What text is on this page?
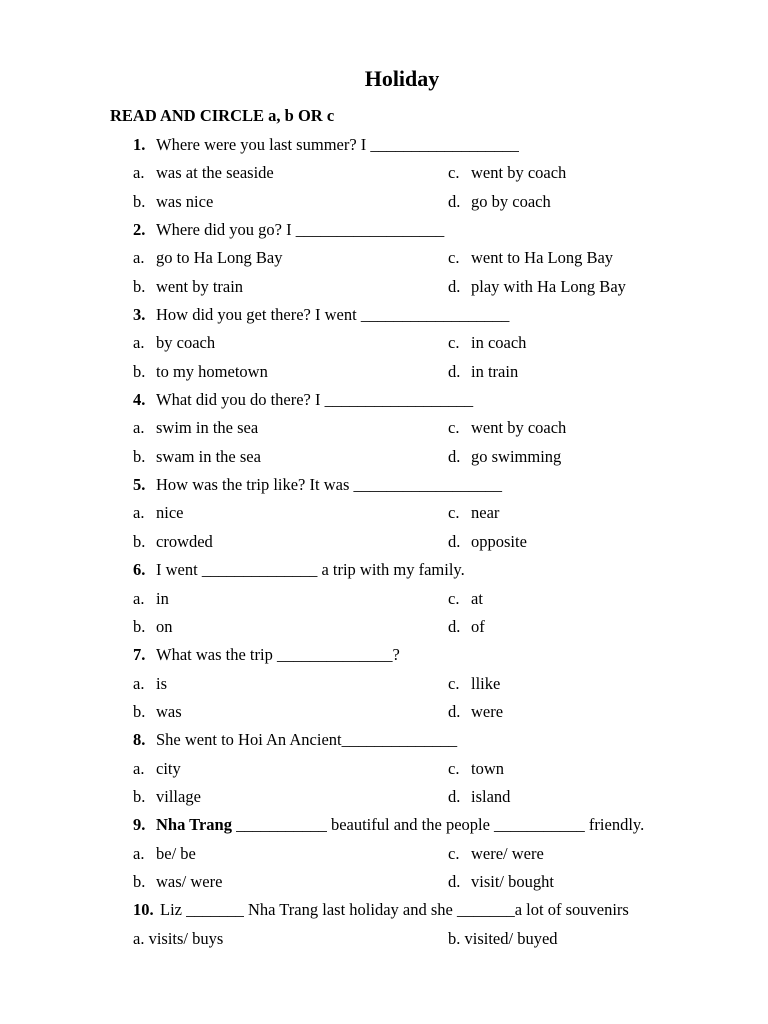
Holiday
READ AND CIRCLE a, b OR c
1. Where were you last summer? I __________________
a. was at the seaside	c. went by coach
b. was nice	d. go by coach
2. Where did you go? I __________________
a. go to Ha Long Bay	c. went to Ha Long Bay
b. went by train	d. play with Ha Long Bay
3. How did you get there? I went __________________
a. by coach	c. in coach
b. to my hometown	d. in train
4. What did you do there? I __________________
a. swim in the sea	c. went by coach
b. swam in the sea	d. go swimming
5. How was the trip like? It was __________________
a. nice	c. near
b. crowded	d. opposite
6. I went ______________ a trip with my family.
a. in	c. at
b. on	d. of
7. What was the trip ______________?
a. is	c. llike
b. was	d. were
8. She went to Hoi An Ancient______________
a. city	c. town
b. village	d. island
9. Nha Trang ___________ beautiful and the people ___________ friendly.
a. be/ be	c. were/ were
b. was/ were	d. visit/ bought
10. Liz _______ Nha Trang last holiday and she _______a lot of souvenirs
a. visits/ buys	b. visited/ buyed
